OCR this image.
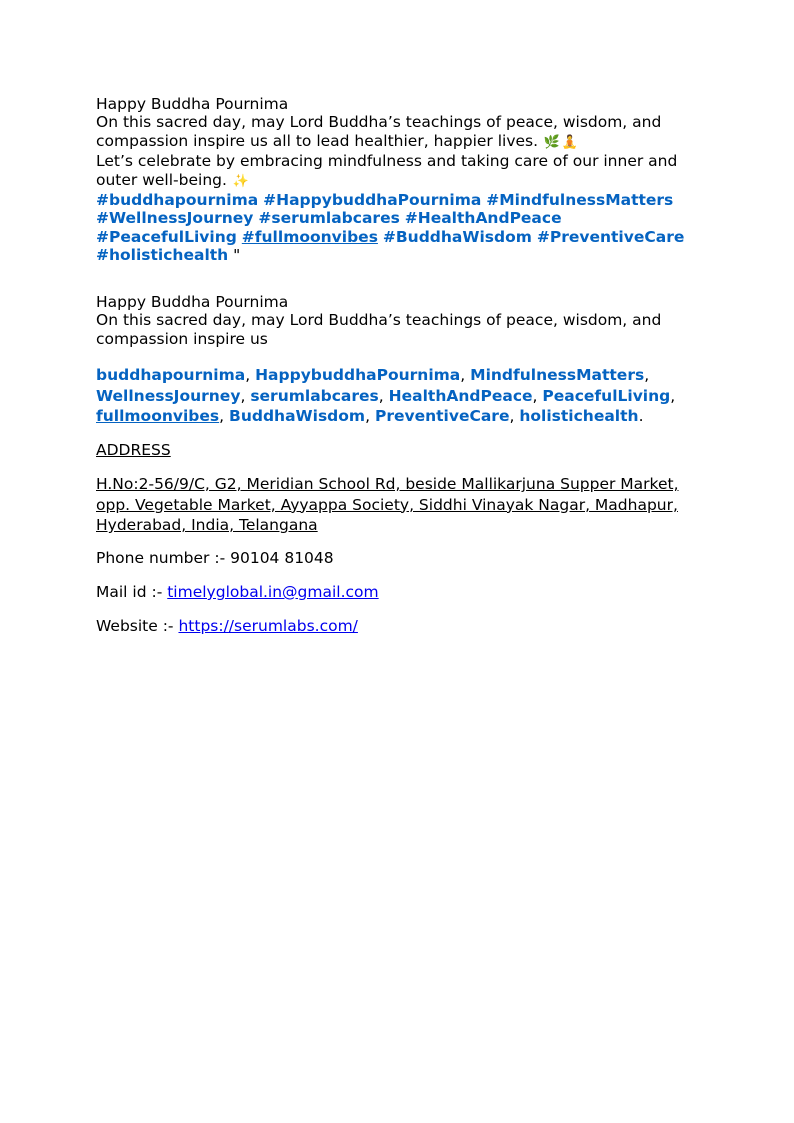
Happy Buddha Pournima
On this sacred day, may Lord Buddha’s teachings of peace, wisdom, and
compassion inspire us all to lead healthier, happier lives. 🌿 🧘
Let’s celebrate by embracing mindfulness and taking care of our inner and
outer well-being. ✨
#buddhapournima #HappybuddhaPournima #MindfulnessMatters
#WellnessJourney #serumlabcares #HealthAndPeace
#PeacefulLiving #fullmoonvibes #BuddhaWisdom #PreventiveCare
#holistichealth "
Happy Buddha Pournima
On this sacred day, may Lord Buddha’s teachings of peace, wisdom, and
compassion inspire us
buddhapournima, HappybuddhaPournima, MindfulnessMatters,
WellnessJourney, serumlabcares, HealthAndPeace, PeacefulLiving,
fullmoonvibes, BuddhaWisdom, PreventiveCare, holistichealth.
ADDRESS
H.No:2-56/9/C, G2, Meridian School Rd, beside Mallikarjuna Supper Market,
opp. Vegetable Market, Ayyappa Society, Siddhi Vinayak Nagar, Madhapur,
Hyderabad, India, Telangana
Phone number :- 90104 81048
Mail id :- timelyglobal.in@gmail.com
Website :- https://serumlabs.com/
